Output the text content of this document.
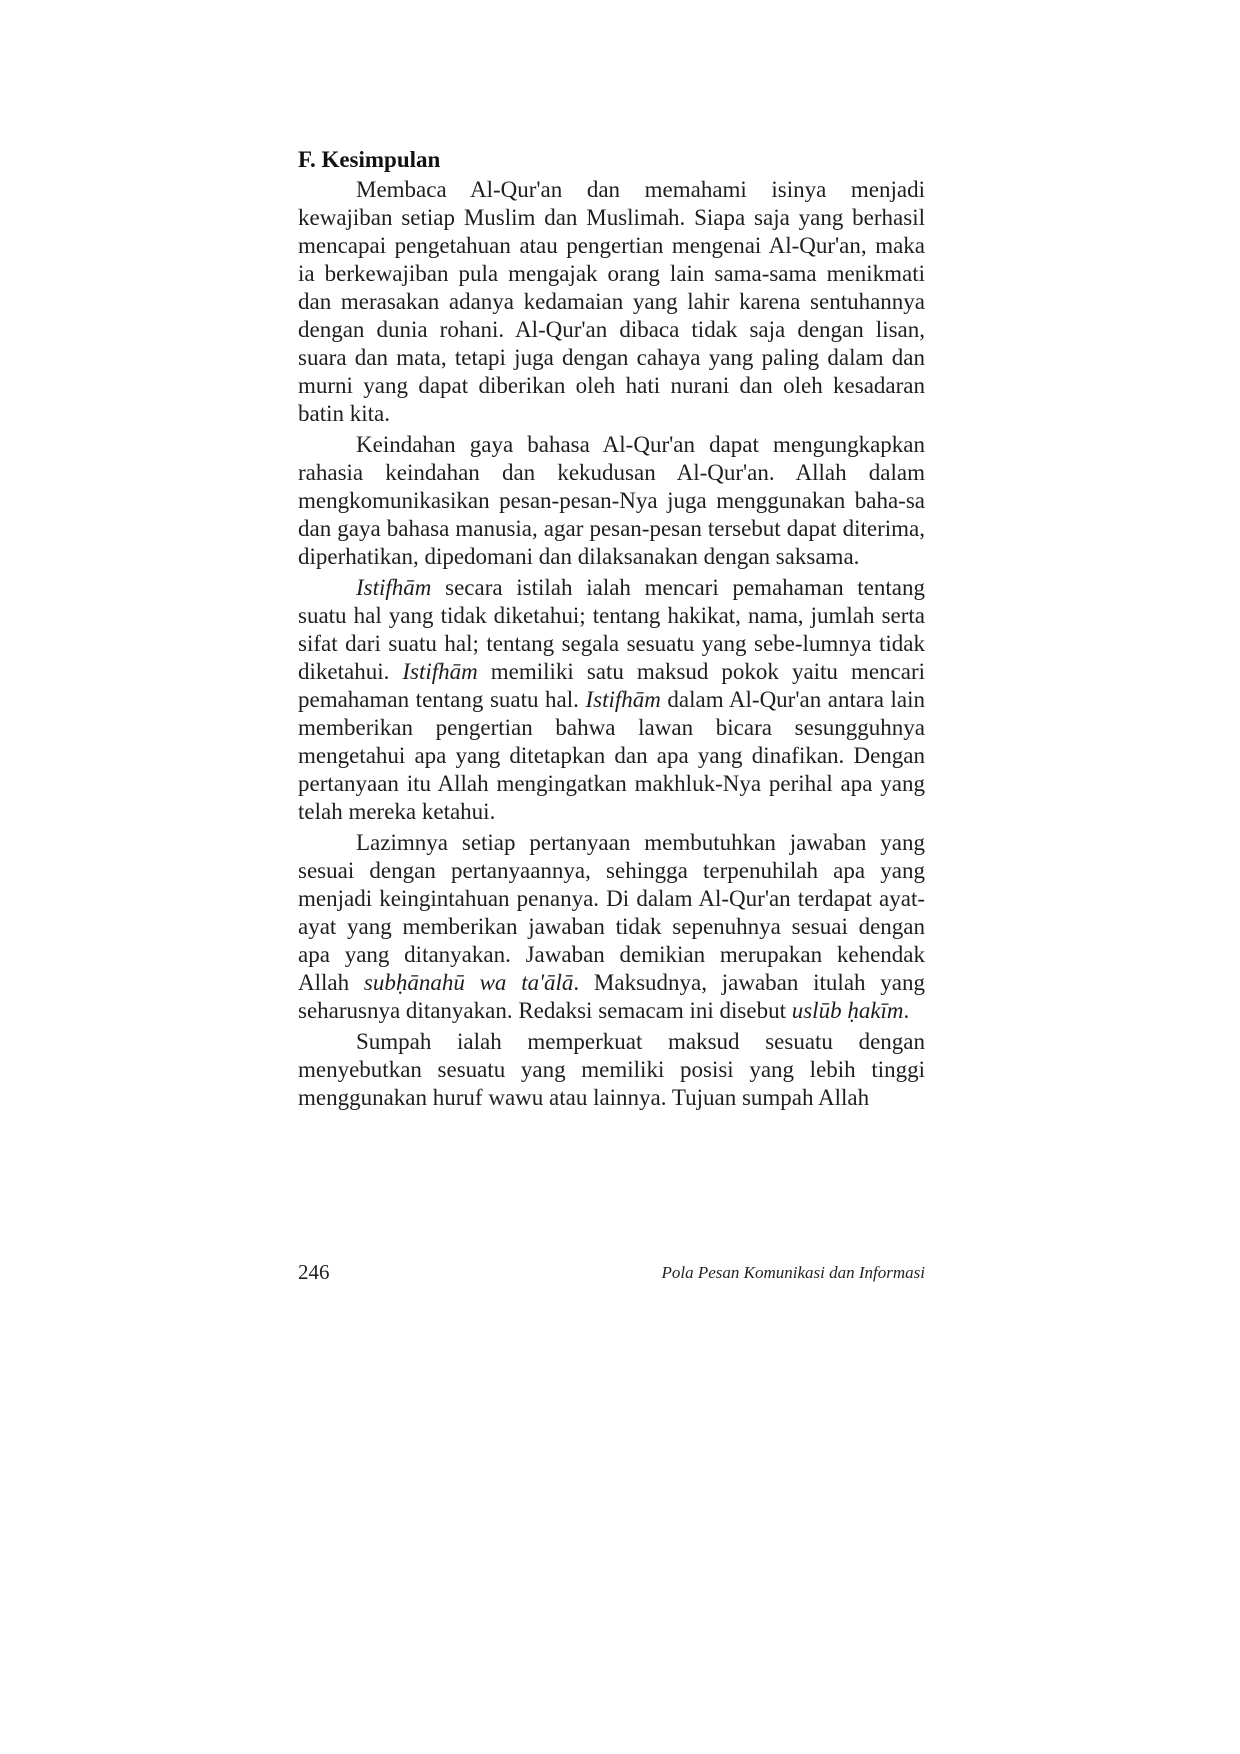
F. Kesimpulan

Membaca Al-Qur'an dan memahami isinya menjadi kewajiban setiap Muslim dan Muslimah. Siapa saja yang berhasil mencapai pengetahuan atau pengertian mengenai Al-Qur'an, maka ia berkewajiban pula mengajak orang lain sama-sama menikmati dan merasakan adanya kedamaian yang lahir karena sentuhannya dengan dunia rohani. Al-Qur'an dibaca tidak saja dengan lisan, suara dan mata, tetapi juga dengan cahaya yang paling dalam dan murni yang dapat diberikan oleh hati nurani dan oleh kesadaran batin kita.

Keindahan gaya bahasa Al-Qur'an dapat mengungkapkan rahasia keindahan dan kekudusan Al-Qur'an. Allah dalam mengkomunikasikan pesan-pesan-Nya juga menggunakan baha-sa dan gaya bahasa manusia, agar pesan-pesan tersebut dapat diterima, diperhatikan, dipedomani dan dilaksanakan dengan saksama.

Istifhām secara istilah ialah mencari pemahaman tentang suatu hal yang tidak diketahui; tentang hakikat, nama, jumlah serta sifat dari suatu hal; tentang segala sesuatu yang sebe-lumnya tidak diketahui. Istifhām memiliki satu maksud pokok yaitu mencari pemahaman tentang suatu hal. Istifhām dalam Al-Qur'an antara lain memberikan pengertian bahwa lawan bicara sesungguhnya mengetahui apa yang ditetapkan dan apa yang dinafikan. Dengan pertanyaan itu Allah mengingatkan makhluk-Nya perihal apa yang telah mereka ketahui.

Lazimnya setiap pertanyaan membutuhkan jawaban yang sesuai dengan pertanyaannya, sehingga terpenuhilah apa yang menjadi keingintahuan penanya. Di dalam Al-Qur'an terdapat ayat-ayat yang memberikan jawaban tidak sepenuhnya sesuai dengan apa yang ditanyakan. Jawaban demikian merupakan kehendak Allah subḥānahū wa ta'ālā. Maksudnya, jawaban itulah yang seharusnya ditanyakan. Redaksi semacam ini disebut uslūb ḥakīm.

Sumpah ialah memperkuat maksud sesuatu dengan menyebutkan sesuatu yang memiliki posisi yang lebih tinggi menggunakan huruf wawu atau lainnya. Tujuan sumpah Allah

246	Pola Pesan Komunikasi dan Informasi
